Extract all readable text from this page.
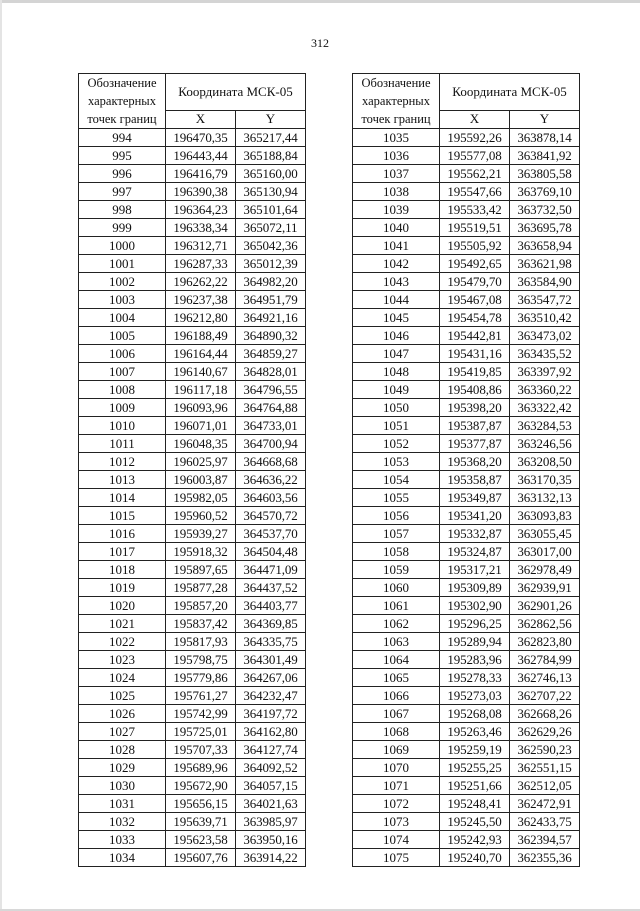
312
Обозначение характерных точек границ	Координата МСК-05	
	X	Y
994	196470,35	365217,44
995	196443,44	365188,84
996	196416,79	365160,00
997	196390,38	365130,94
998	196364,23	365101,64
999	196338,34	365072,11
1000	196312,71	365042,36
1001	196287,33	365012,39
1002	196262,22	364982,20
1003	196237,38	364951,79
1004	196212,80	364921,16
1005	196188,49	364890,32
1006	196164,44	364859,27
1007	196140,67	364828,01
1008	196117,18	364796,55
1009	196093,96	364764,88
1010	196071,01	364733,01
1011	196048,35	364700,94
1012	196025,97	364668,68
1013	196003,87	364636,22
1014	195982,05	364603,56
1015	195960,52	364570,72
1016	195939,27	364537,70
1017	195918,32	364504,48
1018	195897,65	364471,09
1019	195877,28	364437,52
1020	195857,20	364403,77
1021	195837,42	364369,85
1022	195817,93	364335,75
1023	195798,75	364301,49
1024	195779,86	364267,06
1025	195761,27	364232,47
1026	195742,99	364197,72
1027	195725,01	364162,80
1028	195707,33	364127,74
1029	195689,96	364092,52
1030	195672,90	364057,15
1031	195656,15	364021,63
1032	195639,71	363985,97
1033	195623,58	363950,16
1034	195607,76	363914,22
Обозначение характерных точек границ	Координата МСК-05	
	X	Y
1035	195592,26	363878,14
1036	195577,08	363841,92
1037	195562,21	363805,58
1038	195547,66	363769,10
1039	195533,42	363732,50
1040	195519,51	363695,78
1041	195505,92	363658,94
1042	195492,65	363621,98
1043	195479,70	363584,90
1044	195467,08	363547,72
1045	195454,78	363510,42
1046	195442,81	363473,02
1047	195431,16	363435,52
1048	195419,85	363397,92
1049	195408,86	363360,22
1050	195398,20	363322,42
1051	195387,87	363284,53
1052	195377,87	363246,56
1053	195368,20	363208,50
1054	195358,87	363170,35
1055	195349,87	363132,13
1056	195341,20	363093,83
1057	195332,87	363055,45
1058	195324,87	363017,00
1059	195317,21	362978,49
1060	195309,89	362939,91
1061	195302,90	362901,26
1062	195296,25	362862,56
1063	195289,94	362823,80
1064	195283,96	362784,99
1065	195278,33	362746,13
1066	195273,03	362707,22
1067	195268,08	362668,26
1068	195263,46	362629,26
1069	195259,19	362590,23
1070	195255,25	362551,15
1071	195251,66	362512,05
1072	195248,41	362472,91
1073	195245,50	362433,75
1074	195242,93	362394,57
1075	195240,70	362355,36
